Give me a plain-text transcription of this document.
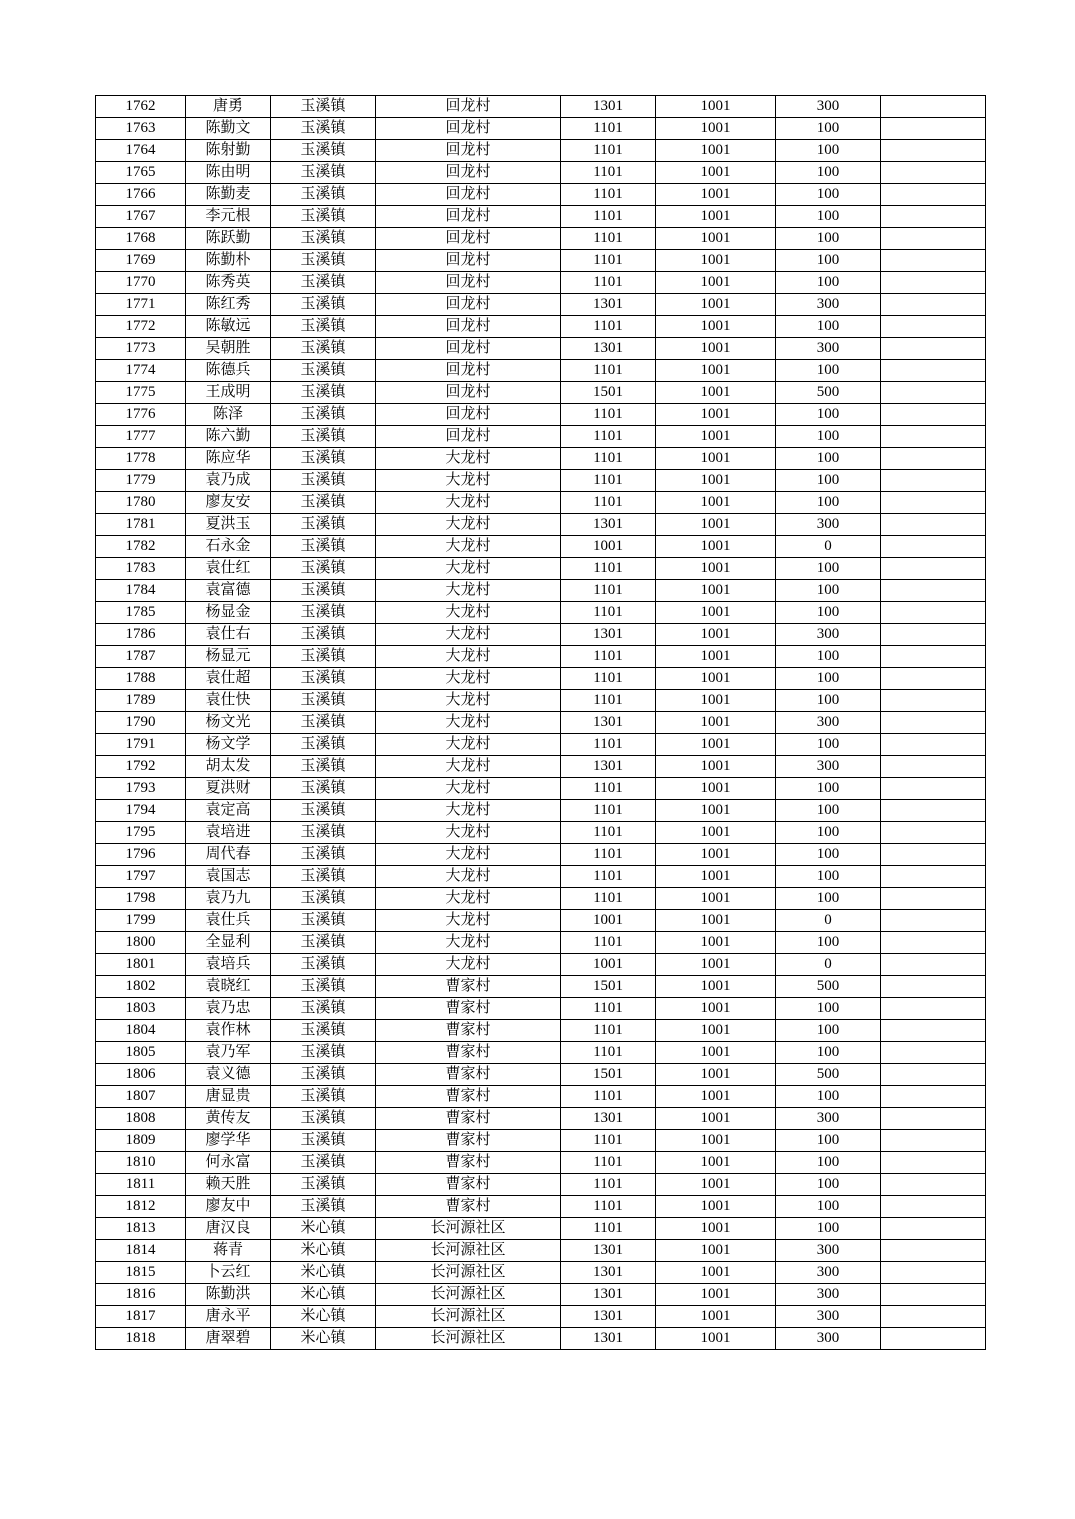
1762	唐勇	玉溪镇	回龙村	1301	1001	300	
1763	陈勤文	玉溪镇	回龙村	1101	1001	100	
1764	陈射勤	玉溪镇	回龙村	1101	1001	100	
1765	陈由明	玉溪镇	回龙村	1101	1001	100	
1766	陈勤麦	玉溪镇	回龙村	1101	1001	100	
1767	李元根	玉溪镇	回龙村	1101	1001	100	
1768	陈跃勤	玉溪镇	回龙村	1101	1001	100	
1769	陈勤朴	玉溪镇	回龙村	1101	1001	100	
1770	陈秀英	玉溪镇	回龙村	1101	1001	100	
1771	陈红秀	玉溪镇	回龙村	1301	1001	300	
1772	陈敏远	玉溪镇	回龙村	1101	1001	100	
1773	吴朝胜	玉溪镇	回龙村	1301	1001	300	
1774	陈德兵	玉溪镇	回龙村	1101	1001	100	
1775	王成明	玉溪镇	回龙村	1501	1001	500	
1776	陈泽	玉溪镇	回龙村	1101	1001	100	
1777	陈六勤	玉溪镇	回龙村	1101	1001	100	
1778	陈应华	玉溪镇	大龙村	1101	1001	100	
1779	袁乃成	玉溪镇	大龙村	1101	1001	100	
1780	廖友安	玉溪镇	大龙村	1101	1001	100	
1781	夏洪玉	玉溪镇	大龙村	1301	1001	300	
1782	石永金	玉溪镇	大龙村	1001	1001	0	
1783	袁仕红	玉溪镇	大龙村	1101	1001	100	
1784	袁富德	玉溪镇	大龙村	1101	1001	100	
1785	杨显金	玉溪镇	大龙村	1101	1001	100	
1786	袁仕右	玉溪镇	大龙村	1301	1001	300	
1787	杨显元	玉溪镇	大龙村	1101	1001	100	
1788	袁仕超	玉溪镇	大龙村	1101	1001	100	
1789	袁仕快	玉溪镇	大龙村	1101	1001	100	
1790	杨文光	玉溪镇	大龙村	1301	1001	300	
1791	杨文学	玉溪镇	大龙村	1101	1001	100	
1792	胡太发	玉溪镇	大龙村	1301	1001	300	
1793	夏洪财	玉溪镇	大龙村	1101	1001	100	
1794	袁定高	玉溪镇	大龙村	1101	1001	100	
1795	袁培进	玉溪镇	大龙村	1101	1001	100	
1796	周代春	玉溪镇	大龙村	1101	1001	100	
1797	袁国志	玉溪镇	大龙村	1101	1001	100	
1798	袁乃九	玉溪镇	大龙村	1101	1001	100	
1799	袁仕兵	玉溪镇	大龙村	1001	1001	0	
1800	全显利	玉溪镇	大龙村	1101	1001	100	
1801	袁培兵	玉溪镇	大龙村	1001	1001	0	
1802	袁晓红	玉溪镇	曹家村	1501	1001	500	
1803	袁乃忠	玉溪镇	曹家村	1101	1001	100	
1804	袁作林	玉溪镇	曹家村	1101	1001	100	
1805	袁乃军	玉溪镇	曹家村	1101	1001	100	
1806	袁义德	玉溪镇	曹家村	1501	1001	500	
1807	唐显贵	玉溪镇	曹家村	1101	1001	100	
1808	黄传友	玉溪镇	曹家村	1301	1001	300	
1809	廖学华	玉溪镇	曹家村	1101	1001	100	
1810	何永富	玉溪镇	曹家村	1101	1001	100	
1811	赖天胜	玉溪镇	曹家村	1101	1001	100	
1812	廖友中	玉溪镇	曹家村	1101	1001	100	
1813	唐汉良	米心镇	长河源社区	1101	1001	100	
1814	蒋青	米心镇	长河源社区	1301	1001	300	
1815	卜云红	米心镇	长河源社区	1301	1001	300	
1816	陈勤洪	米心镇	长河源社区	1301	1001	300	
1817	唐永平	米心镇	长河源社区	1301	1001	300	
1818	唐翠碧	米心镇	长河源社区	1301	1001	300	
